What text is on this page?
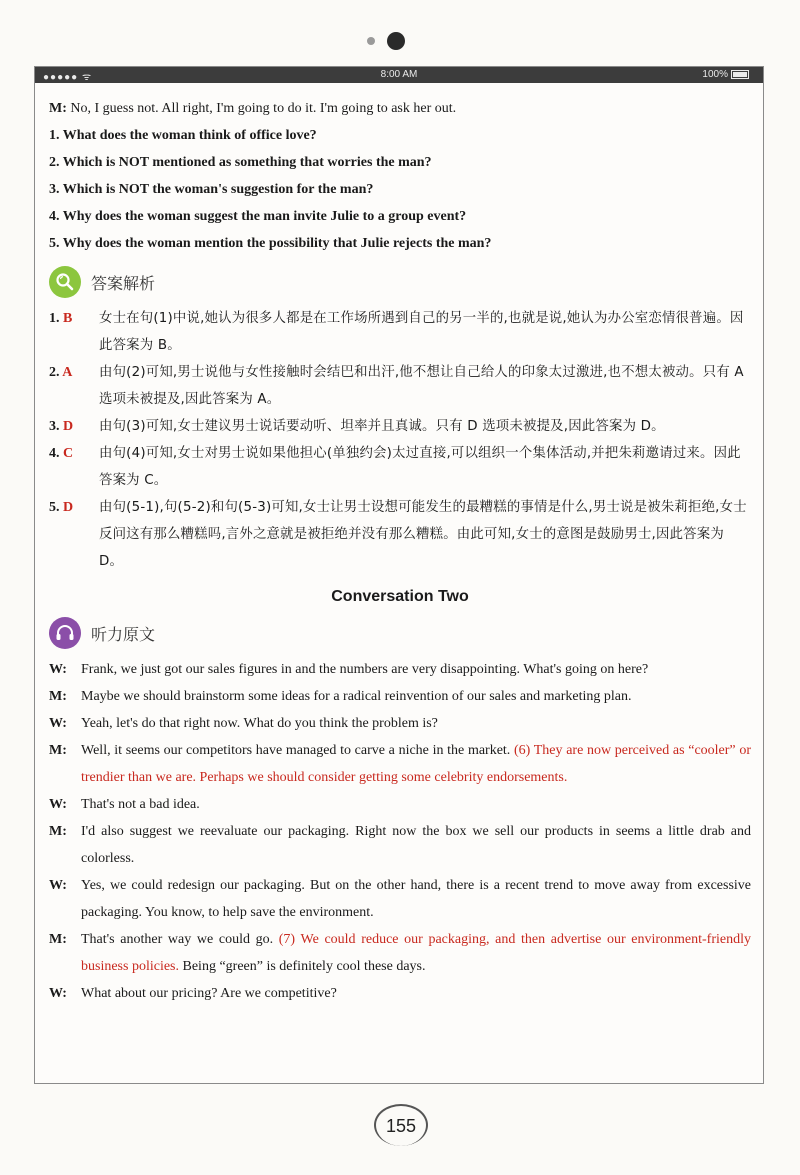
●●●●● ᯤ	8:00 AM	100%
M: No, I guess not. All right, I'm going to do it. I'm going to ask her out.
1. What does the woman think of office love?
2. Which is NOT mentioned as something that worries the man?
3. Which is NOT the woman's suggestion for the man?
4. Why does the woman suggest the man invite Julie to a group event?
5. Why does the woman mention the possibility that Julie rejects the man?
答案解析
1. B	女士在句(1)中说,她认为很多人都是在工作场所遇到自己的另一半的,也就是说,她认为办公室恋情很普遍。因此答案为 B。
2. A	由句(2)可知,男士说他与女性接触时会结巴和出汗,他不想让自己给人的印象太过激进,也不想太被动。只有 A 选项未被提及,因此答案为 A。
3. D	由句(3)可知,女士建议男士说话要动听、坦率并且真诚。只有 D 选项未被提及,因此答案为 D。
4. C	由句(4)可知,女士对男士说如果他担心(单独约会)太过直接,可以组织一个集体活动,并把朱莉邀请过来。因此答案为 C。
5. D	由句(5-1),句(5-2)和句(5-3)可知,女士让男士设想可能发生的最糟糕的事情是什么,男士说是被朱莉拒绝,女士反问这有那么糟糕吗,言外之意就是被拒绝并没有那么糟糕。由此可知,女士的意图是鼓励男士,因此答案为 D。
Conversation Two
听力原文
W:	Frank, we just got our sales figures in and the numbers are very disappointing. What's going on here?
M:	Maybe we should brainstorm some ideas for a radical reinvention of our sales and marketing plan.
W:	Yeah, let's do that right now. What do you think the problem is?
M:	Well, it seems our competitors have managed to carve a niche in the market. (6) They are now perceived as “cooler” or trendier than we are. Perhaps we should consider getting some celebrity endorsements.
W:	That's not a bad idea.
M:	I'd also suggest we reevaluate our packaging. Right now the box we sell our products in seems a little drab and colorless.
W:	Yes, we could redesign our packaging. But on the other hand, there is a recent trend to move away from excessive packaging. You know, to help save the environment.
M:	That's another way we could go. (7) We could reduce our packaging, and then advertise our environment-friendly business policies. Being “green” is definitely cool these days.
W:	What about our pricing? Are we competitive?
155
